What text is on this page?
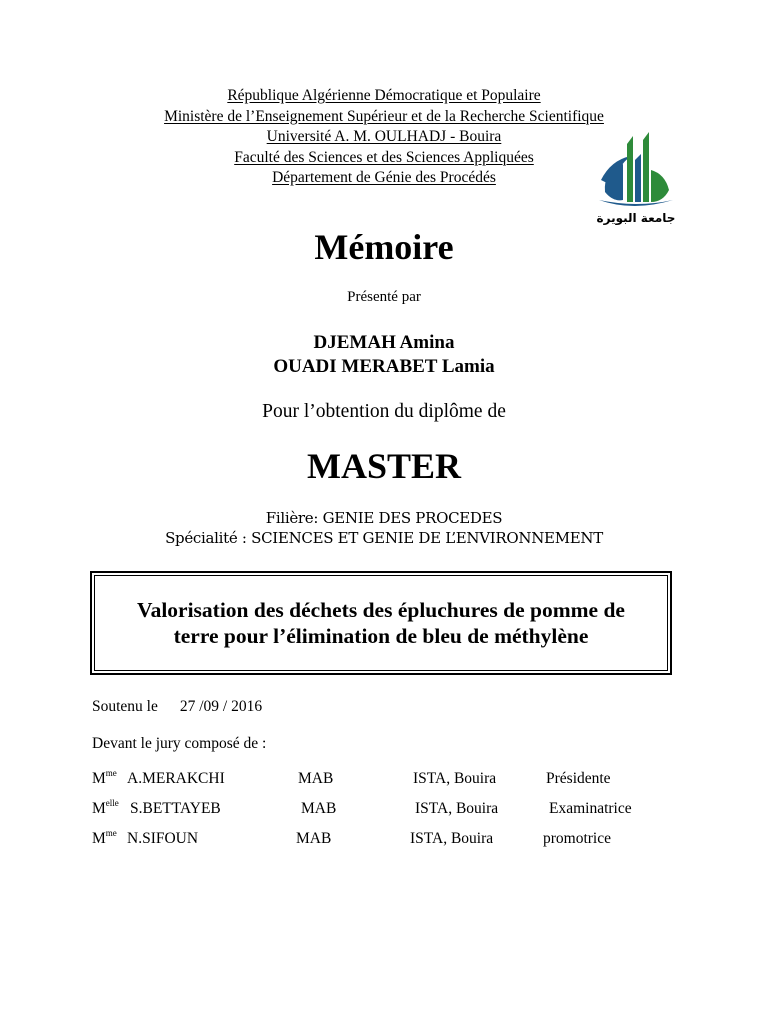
République Algérienne Démocratique et Populaire
Ministère de l’Enseignement Supérieur et de la Recherche Scientifique
Université A. M. OULHADJ - Bouira
Faculté des Sciences et des Sciences Appliquées
Département de Génie des Procédés
جامعة البويرة
Mémoire
Présenté par
DJEMAH Amina
OUADI MERABET Lamia
Pour l’obtention du diplôme de
MASTER
Filière: GENIE DES PROCEDES
Spécialité : SCIENCES ET GENIE DE L’ENVIRONNEMENT
Valorisation des déchets des épluchures de pomme de terre pour l’élimination de bleu de méthylène
Soutenu le 27 /09 / 2016
Devant le jury composé de :
$M^{me}$ A.MERAKCHI	MAB	ISTA, Bouira	Présidente
$M^{elle}$ S.BETTAYEB	MAB	ISTA, Bouira	Examinatrice
$M^{me}$ N.SIFOUN	MAB	ISTA, Bouira	promotrice
